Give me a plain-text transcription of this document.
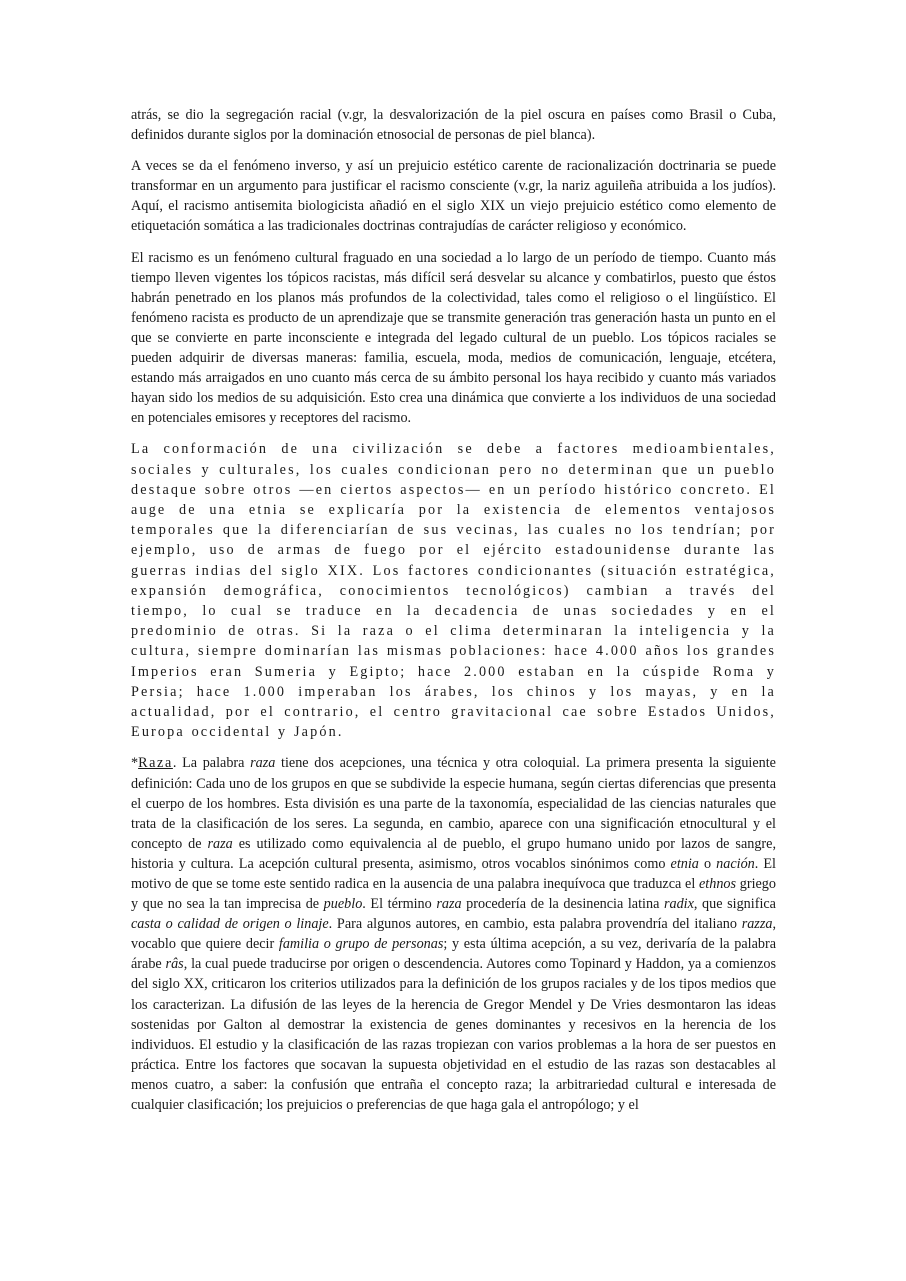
atrás, se dio la segregación racial (v.gr, la desvalorización de la piel oscura en países como Brasil o Cuba, definidos durante siglos por la dominación etnosocial de personas de piel blanca).

A veces se da el fenómeno inverso, y así un prejuicio estético carente de racionalización doctrinaria se puede transformar en un argumento para justificar el racismo consciente (v.gr, la nariz aguileña atribuida a los judíos). Aquí, el racismo antisemita biologicista añadió en el siglo XIX un viejo prejuicio estético como elemento de etiquetación somática a las tradicionales doctrinas contrajudías de carácter religioso y económico.

El racismo es un fenómeno cultural fraguado en una sociedad a lo largo de un período de tiempo. Cuanto más tiempo lleven vigentes los tópicos racistas, más difícil será desvelar su alcance y combatirlos, puesto que éstos habrán penetrado en los planos más profundos de la colectividad, tales como el religioso o el lingüístico. El fenómeno racista es producto de un aprendizaje que se transmite generación tras generación hasta un punto en el que se convierte en parte inconsciente e integrada del legado cultural de un pueblo. Los tópicos raciales se pueden adquirir de diversas maneras: familia, escuela, moda, medios de comunicación, lenguaje, etcétera, estando más arraigados en uno cuanto más cerca de su ámbito personal los haya recibido y cuanto más variados hayan sido los medios de su adquisición. Esto crea una dinámica que convierte a los individuos de una sociedad en potenciales emisores y receptores del racismo.

La conformación de una civilización se debe a factores medioambientales, sociales y culturales, los cuales condicionan pero no determinan que un pueblo destaque sobre otros —en ciertos aspectos— en un período histórico concreto. El auge de una etnia se explicaría por la existencia de elementos ventajosos temporales que la diferenciarían de sus vecinas, las cuales no los tendrían; por ejemplo, uso de armas de fuego por el ejército estadounidense durante las guerras indias del siglo XIX. Los factores condicionantes (situación estratégica, expansión demográfica, conocimientos tecnológicos) cambian a través del tiempo, lo cual se traduce en la decadencia de unas sociedades y en el predominio de otras. Si la raza o el clima determinaran la inteligencia y la cultura, siempre dominarían las mismas poblaciones: hace 4.000 años los grandes Imperios eran Sumeria y Egipto; hace 2.000 estaban en la cúspide Roma y Persia; hace 1.000 imperaban los árabes, los chinos y los mayas, y en la actualidad, por el contrario, el centro gravitacional cae sobre Estados Unidos, Europa occidental y Japón.

*Raza. La palabra raza tiene dos acepciones, una técnica y otra coloquial. La primera presenta la siguiente definición: Cada uno de los grupos en que se subdivide la especie humana, según ciertas diferencias que presenta el cuerpo de los hombres. Esta división es una parte de la taxonomía, especialidad de las ciencias naturales que trata de la clasificación de los seres. La segunda, en cambio, aparece con una significación etnocultural y el concepto de raza es utilizado como equivalencia al de pueblo, el grupo humano unido por lazos de sangre, historia y cultura. La acepción cultural presenta, asimismo, otros vocablos sinónimos como etnia o nación. El motivo de que se tome este sentido radica en la ausencia de una palabra inequívoca que traduzca el ethnos griego y que no sea la tan imprecisa de pueblo. El término raza procedería de la desinencia latina radix, que significa casta o calidad de origen o linaje. Para algunos autores, en cambio, esta palabra provendría del italiano razza, vocablo que quiere decir familia o grupo de personas; y esta última acepción, a su vez, derivaría de la palabra árabe râs, la cual puede traducirse por origen o descendencia. Autores como Topinard y Haddon, ya a comienzos del siglo XX, criticaron los criterios utilizados para la definición de los grupos raciales y de los tipos medios que los caracterizan. La difusión de las leyes de la herencia de Gregor Mendel y De Vries desmontaron las ideas sostenidas por Galton al demostrar la existencia de genes dominantes y recesivos en la herencia de los individuos. El estudio y la clasificación de las razas tropiezan con varios problemas a la hora de ser puestos en práctica. Entre los factores que socavan la supuesta objetividad en el estudio de las razas son destacables al menos cuatro, a saber: la confusión que entraña el concepto raza; la arbitrariedad cultural e interesada de cualquier clasificación; los prejuicios o preferencias de que haga gala el antropólogo; y el
